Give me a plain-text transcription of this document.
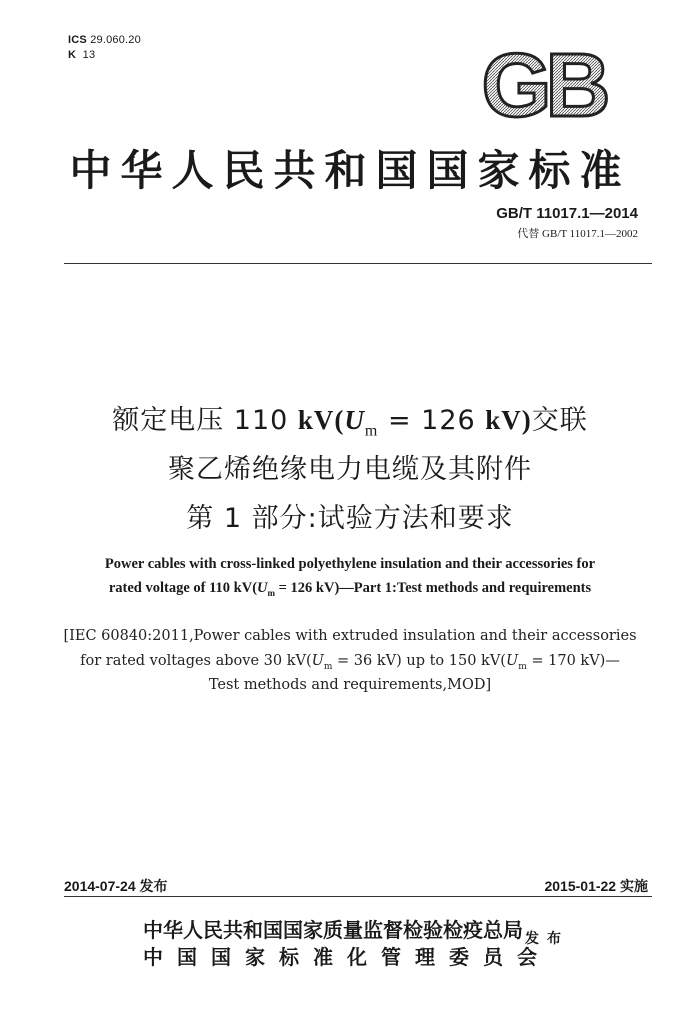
ICS 29.060.20
K 13	GB
中华人民共和国国家标准
GB/T 11017.1—2014
代替 GB/T 11017.1—2002
额定电压 110 $kV(U_m = 126$ kV)交联
聚乙烯绝缘电力电缆及其附件
第 1 部分:试验方法和要求
Power cables with cross-linked polyethylene insulation and their accessories for
rated voltage of 110 $kV(U_m = 126$ kV)—Part 1:Test methods and requirements
[IEC 60840:2011,Power cables with extruded insulation and their accessories
for rated voltages above 30 $kV(U_m = 36$ kV) up to 150 $kV(U_m = 170$ kV)—
Test methods and requirements,MOD]
2014-07-24 发布	2015-01-22 实施
中华人民共和国国家质量监督检验检疫总局
中国国家标准化管理委员会
发布
